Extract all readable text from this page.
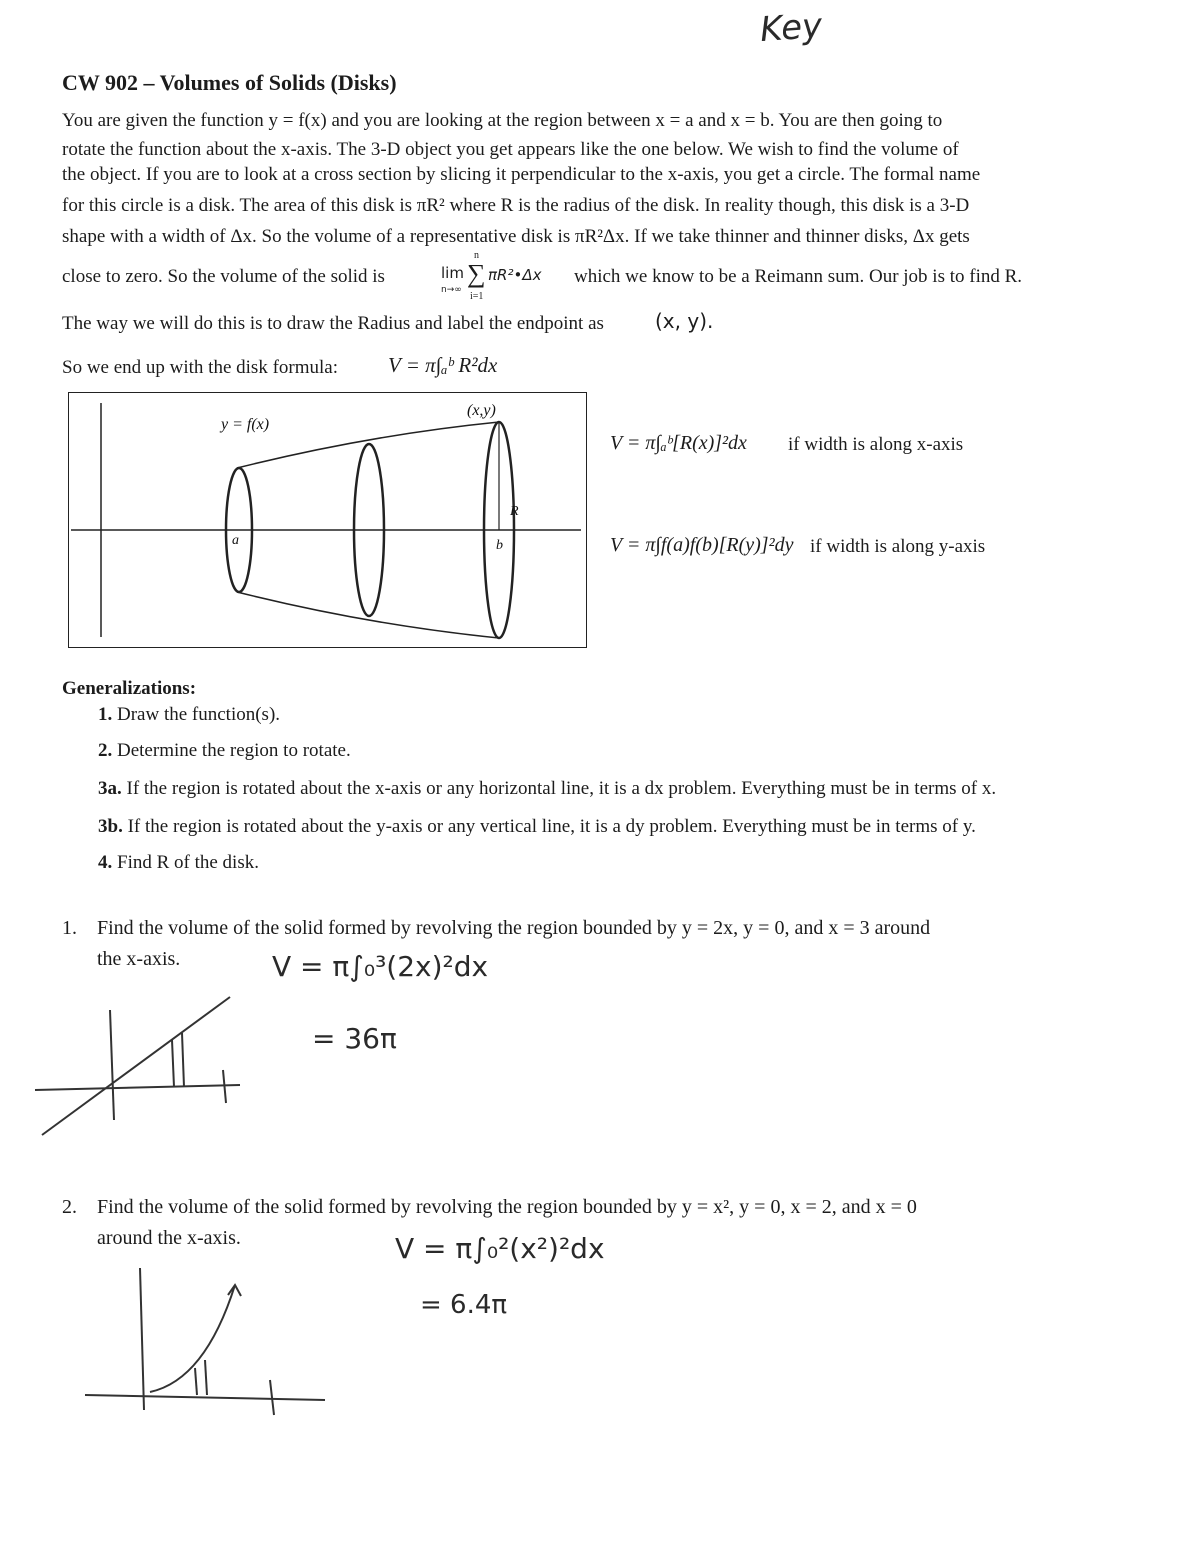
Key
CW 902 – Volumes of Solids (Disks)
You are given the function y = f(x) and you are looking at the region between x = a and x = b. You are then going to
rotate the function about the x-axis. The 3-D object you get appears like the one below. We wish to find the volume of
the object. If you are to look at a cross section by slicing it perpendicular to the x-axis, you get a circle. The formal name
for this circle is a disk. The area of this disk is πR² where R is the radius of the disk. In reality though, this disk is a 3-D
shape with a width of Δx. So the volume of a representative disk is πR²Δx. If we take thinner and thinner disks, Δx gets
close to zero. So the volume of the solid is	lim
n→∞
n
i=1
∑ πR²•Δx which we know to be a Reimann sum. Our job is to find R.
The way we will do this is to draw the Radius and label the endpoint as	(x, y).
So we end up with the disk formula: V = π∫ₐᵇ R²dx
y = f(x)
(x,y)
a	b
R
V = π∫ₐᵇ[R(x)]²dx if width is along x-axis
V = π∫f(a)f(b)[R(y)]²dy if width is along y-axis
Generalizations:
1. Draw the function(s).
2. Determine the region to rotate.
3a. If the region is rotated about the x-axis or any horizontal line, it is a dx problem. Everything must be in terms of x.
3b. If the region is rotated about the y-axis or any vertical line, it is a dy problem. Everything must be in terms of y.
4. Find R of the disk.
1. Find the volume of the solid formed by revolving the region bounded by y = 2x, y = 0, and x = 3 around
the x-axis.	V = π∫₀³(2x)²dx
= 36π
2. Find the volume of the solid formed by revolving the region bounded by y = x², y = 0, x = 2, and x = 0
around the x-axis.	V = π∫₀²(x²)²dx
= 6.4π
